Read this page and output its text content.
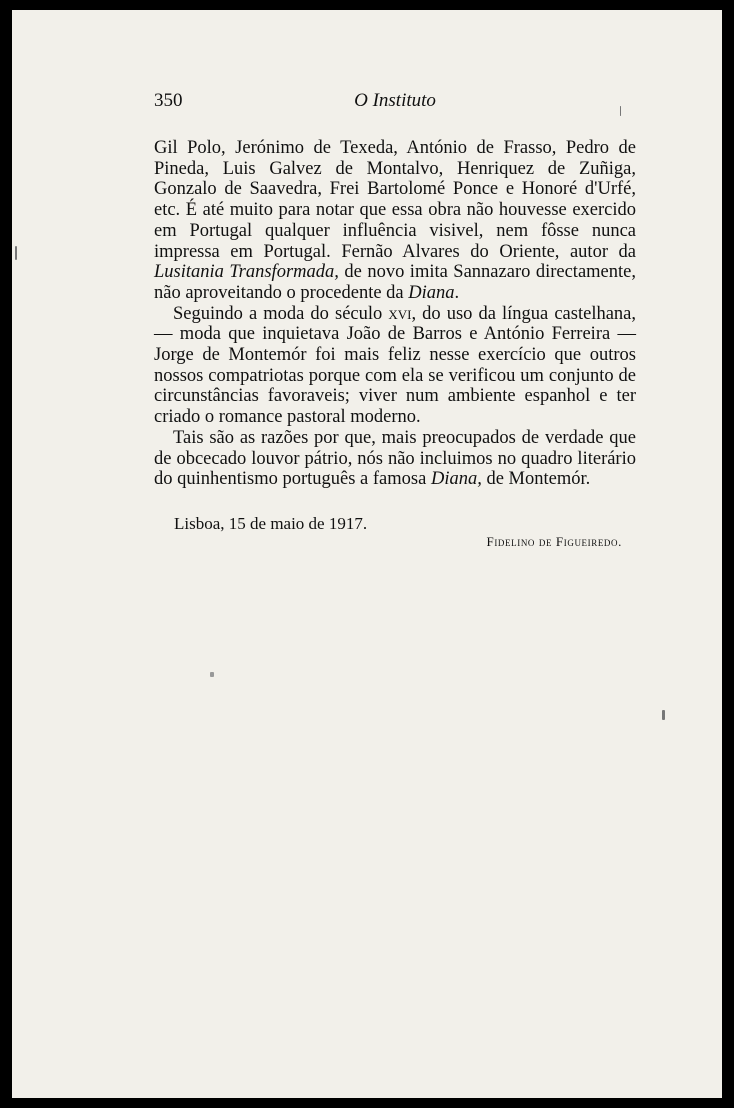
350	O Instituto

Gil Polo, Jerónimo de Texeda, António de Frasso, Pedro de Pineda, Luis Galvez de Montalvo, Henriquez de Zuñiga, Gonzalo de Saavedra, Frei Bartolomé Ponce e Honoré d'Urfé, etc. É até muito para notar que essa obra não houvesse exercido em Portugal qualquer influência visivel, nem fôsse nunca impressa em Portugal. Fernão Alvares do Oriente, autor da Lusitania Transformada, de novo imita Sannazaro directamente, não aproveitando o procedente da Diana.

Seguindo a moda do século xvi, do uso da língua castelhana, — moda que inquietava João de Barros e António Ferreira — Jorge de Montemór foi mais feliz nesse exercício que outros nossos compatriotas porque com ela se verificou um conjunto de circunstâncias favoraveis; viver num ambiente espanhol e ter criado o romance pastoral moderno.

Tais são as razões por que, mais preocupados de verdade que de obcecado louvor pátrio, nós não incluimos no quadro literário do quinhentismo português a famosa Diana, de Montemór.

Lisboa, 15 de maio de 1917.
Fidelino de Figueiredo.
